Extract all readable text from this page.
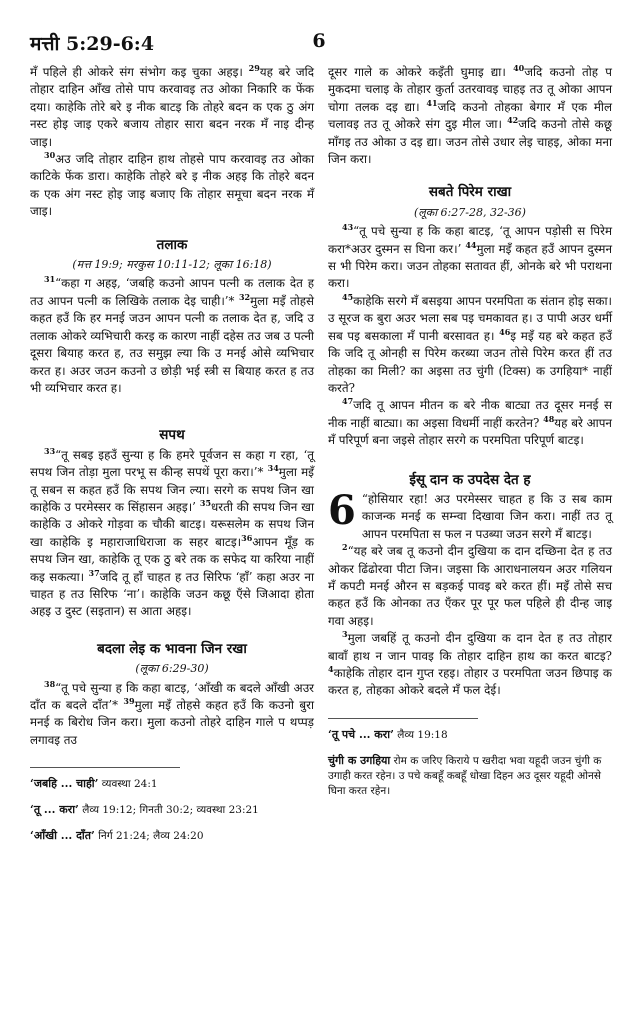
मत्ती 5:29-6:4	6

मँ पहिले ही ओकरे संग संभोग कइ चुका अहइ। $^{29}$यह बरे जदि तोहार दाहिन आँख तोसे पाप करवावइ तउ ओका निकारि क फेंक दया। काहेकि तोरे बरे इ नीक बाटइ कि तोहरे बदन क एक ठु अंग नस्ट होइ जाइ एकरे बजाय तोहार सारा बदन नरक मँ नाइ दीन्ह जाइ।

$^{30}$अउ जदि तोहार दाहिन हाथ तोहसे पाप करवावइ तउ ओका काटिके फेंक डारा। काहेकि तोहरे बरे इ नीक अहइ कि तोहरे बदन क एक अंग नस्ट होइ जाइ बजाए कि तोहार समूचा बदन नरक मँ जाइ।

तलाक
(मत्त 19:9; मरकुस 10:11-12; लूका 16:18)

$^{31}$“कहा ग अहइ, ‘जबहि कउनो आपन पत्नी क तलाक देत ह तउ आपन पत्नी क लिखिके तलाक देइ चाही।’* $^{32}$मुला मइँ तोहसे कहत हउँ कि हर मनई जउन आपन पत्नी क तलाक देत ह, जदि उ तलाक ओकरे व्यभिचारी करइ क कारण नाहीं दहेस तउ जब उ पत्नी दूसरा बियाह करत ह, तउ समुझ ल्या कि उ मनई ओसे व्यभिचार करत ह। अउर जउन कउनो उ छोड़ी भई स्त्री स बियाह करत ह तउ भी व्यभिचार करत ह।

सपथ

$^{33}$“तू सबइ इहउँ सुन्या ह कि हमरे पूर्वजन स कहा ग रहा, ‘तू सपथ जिन तोड़ा मुला परभू स कीन्ह सपथें पूरा करा।’* $^{34}$मुला मइँ तू सबन स कहत हउँ कि सपथ जिन ल्या। सरगे क सपथ जिन खा काहेकि उ परमेस्सर क सिंहासन अहइ।’ $^{35}$धरती की सपथ जिन खा काहेकि उ ओकरे गोड़वा क चौकी बाटइ। यरूसलेम क सपथ जिन खा काहेकि इ महाराजाधिराजा क सहर बाटइ।$^{36}$आपन मूँड़ क सपथ जिन खा, काहेकि तू एक ठु बरे तक क सफेद या करिया नाहीं कइ सकत्या। $^{37}$जदि तू हाँ चाहत ह तउ सिरिफ ‘हाँ’ कहा अउर ना चाहत ह तउ सिरिफ ‘ना’। काहेकि जउन कछू एँसे जिआदा होता अहइ उ दुस्ट (सइतान) स आता अहइ।

बदला लेइ क भावना जिन रखा
(लूका 6:29-30)

$^{38}$“तू पचे सुन्या ह कि कहा बाटइ, ‘आँखी क बदले आँखी अउर दाँत क बदले दाँत’* $^{39}$मुला मइँ तोहसे कहत हउँ कि कउनो बुरा मनई क बिरोध जिन करा। मुला कउनो तोहरे दाहिन गाले प थप्पड़ लगावइ तउ

‘जबहि ... चाही’ व्यवस्था 24:1
‘तू ... करा’ लैव्य 19:12; गिनती 30:2; व्यवस्था 23:21
‘आँखी ... दाँत’ निर्ग 21:24; लैव्य 24:20

दूसर गाले क ओकरे कइँती घुमाइ द्या। $^{40}$जदि कउनो तोह प मुकदमा चलाइ के तोहार कुर्ता उतरवावइ चाहइ तउ तू ओका आपन चोगा तलक दइ द्या। $^{41}$जदि कउनो तोहका बेगार मँ एक मील चलावइ तउ तू ओकरे संग दुइ मील जा। $^{42}$जदि कउनो तोसे कछू माँगइ तउ ओका उ दइ द्या। जउन तोसे उधार लेइ चाहइ, ओका मना जिन करा।

सबते पिरेम राखा
(लूका 6:27-28, 32-36)

$^{43}$“तू पचे सुन्या ह कि कहा बाटइ, ‘तू आपन पड़ोसी स पिरेम करा*अउर दुस्मन स घिना कर।’ $^{44}$मुला मइँ कहत हउँ आपन दुस्मन स भी पिरेम करा। जउन तोहका सतावत हीं, ओनके बरे भी पराथना करा।

$^{45}$काहेकि सरगे मँ बसइया आपन परमपिता क संतान होइ सका। उ सूरज क बुरा अउर भला सब पइ चमकावत ह। उ पापी अउर धर्मी सब पइ बसकाला मँ पानी बरसावत ह। $^{46}$इ मइँ यह बरे कहत हउँ कि जदि तू ओनही स पिरेम करब्या जउन तोसे पिरेम करत हीं तउ तोहका का मिली? का अइसा तउ चुंगी (टिक्स) क उगहिया* नाहीं करते?

$^{47}$जदि तू आपन मीतन क बरे नीक बाट्या तउ दूसर मनई स नीक नाहीं बाट्या। का अइसा विधर्मी नाहीं करतेन? $^{48}$यह बरे आपन मँ परिपूर्ण बना जइसे तोहार सरगे क परमपिता परिपूर्ण बाटइ।

ईसू दान क उपदेस देत ह

6 “होसियार रहा! अउ परमेस्सर चाहत ह कि उ सब काम काजन्क मनई क सम्न्वा दिखावा जिन करा। नाहीं तउ तू आपन परमपिता स फल न पउब्या जउन सरगे मँ बाटइ।

$^2$“यह बरे जब तू कउनो दीन दुखिया क दान दच्छिना देत ह तउ ओकर ढिंढोरवा पीटा जिन। जइसा कि आराधनालयन अउर गलियन मँ कपटी मनई औरन स बड़कई पावइ बरे करत हीं। मइँ तोसे सच कहत हउँ कि ओनका तउ एँकर पूर पूर फल पहिले ही दीन्ह जाइ गवा अहइ।

$^3$मुला जबहिं तू कउनो दीन दुखिया क दान देत ह तउ तोहार बावाँ हाथ न जान पावइ कि तोहार दाहिन हाथ का करत बाटइ? $^4$काहेकि तोहार दान गुप्त रहइ। तोहार उ परमपिता जउन छिपाइ क करत ह, तोहका ओकरे बदले मँ फल देई।

‘तू पचे ... करा’ लैव्य 19:18
चुंगी क उगहिया रोम क जरिए किराये प खरीदा भवा यहूदी जउन चुंगी क उगाही करत रहेन। उ पचे कबहूँ कबहूँ धोखा दिहन अउ दूसर यहूदी ओनसे घिना करत रहेन।
